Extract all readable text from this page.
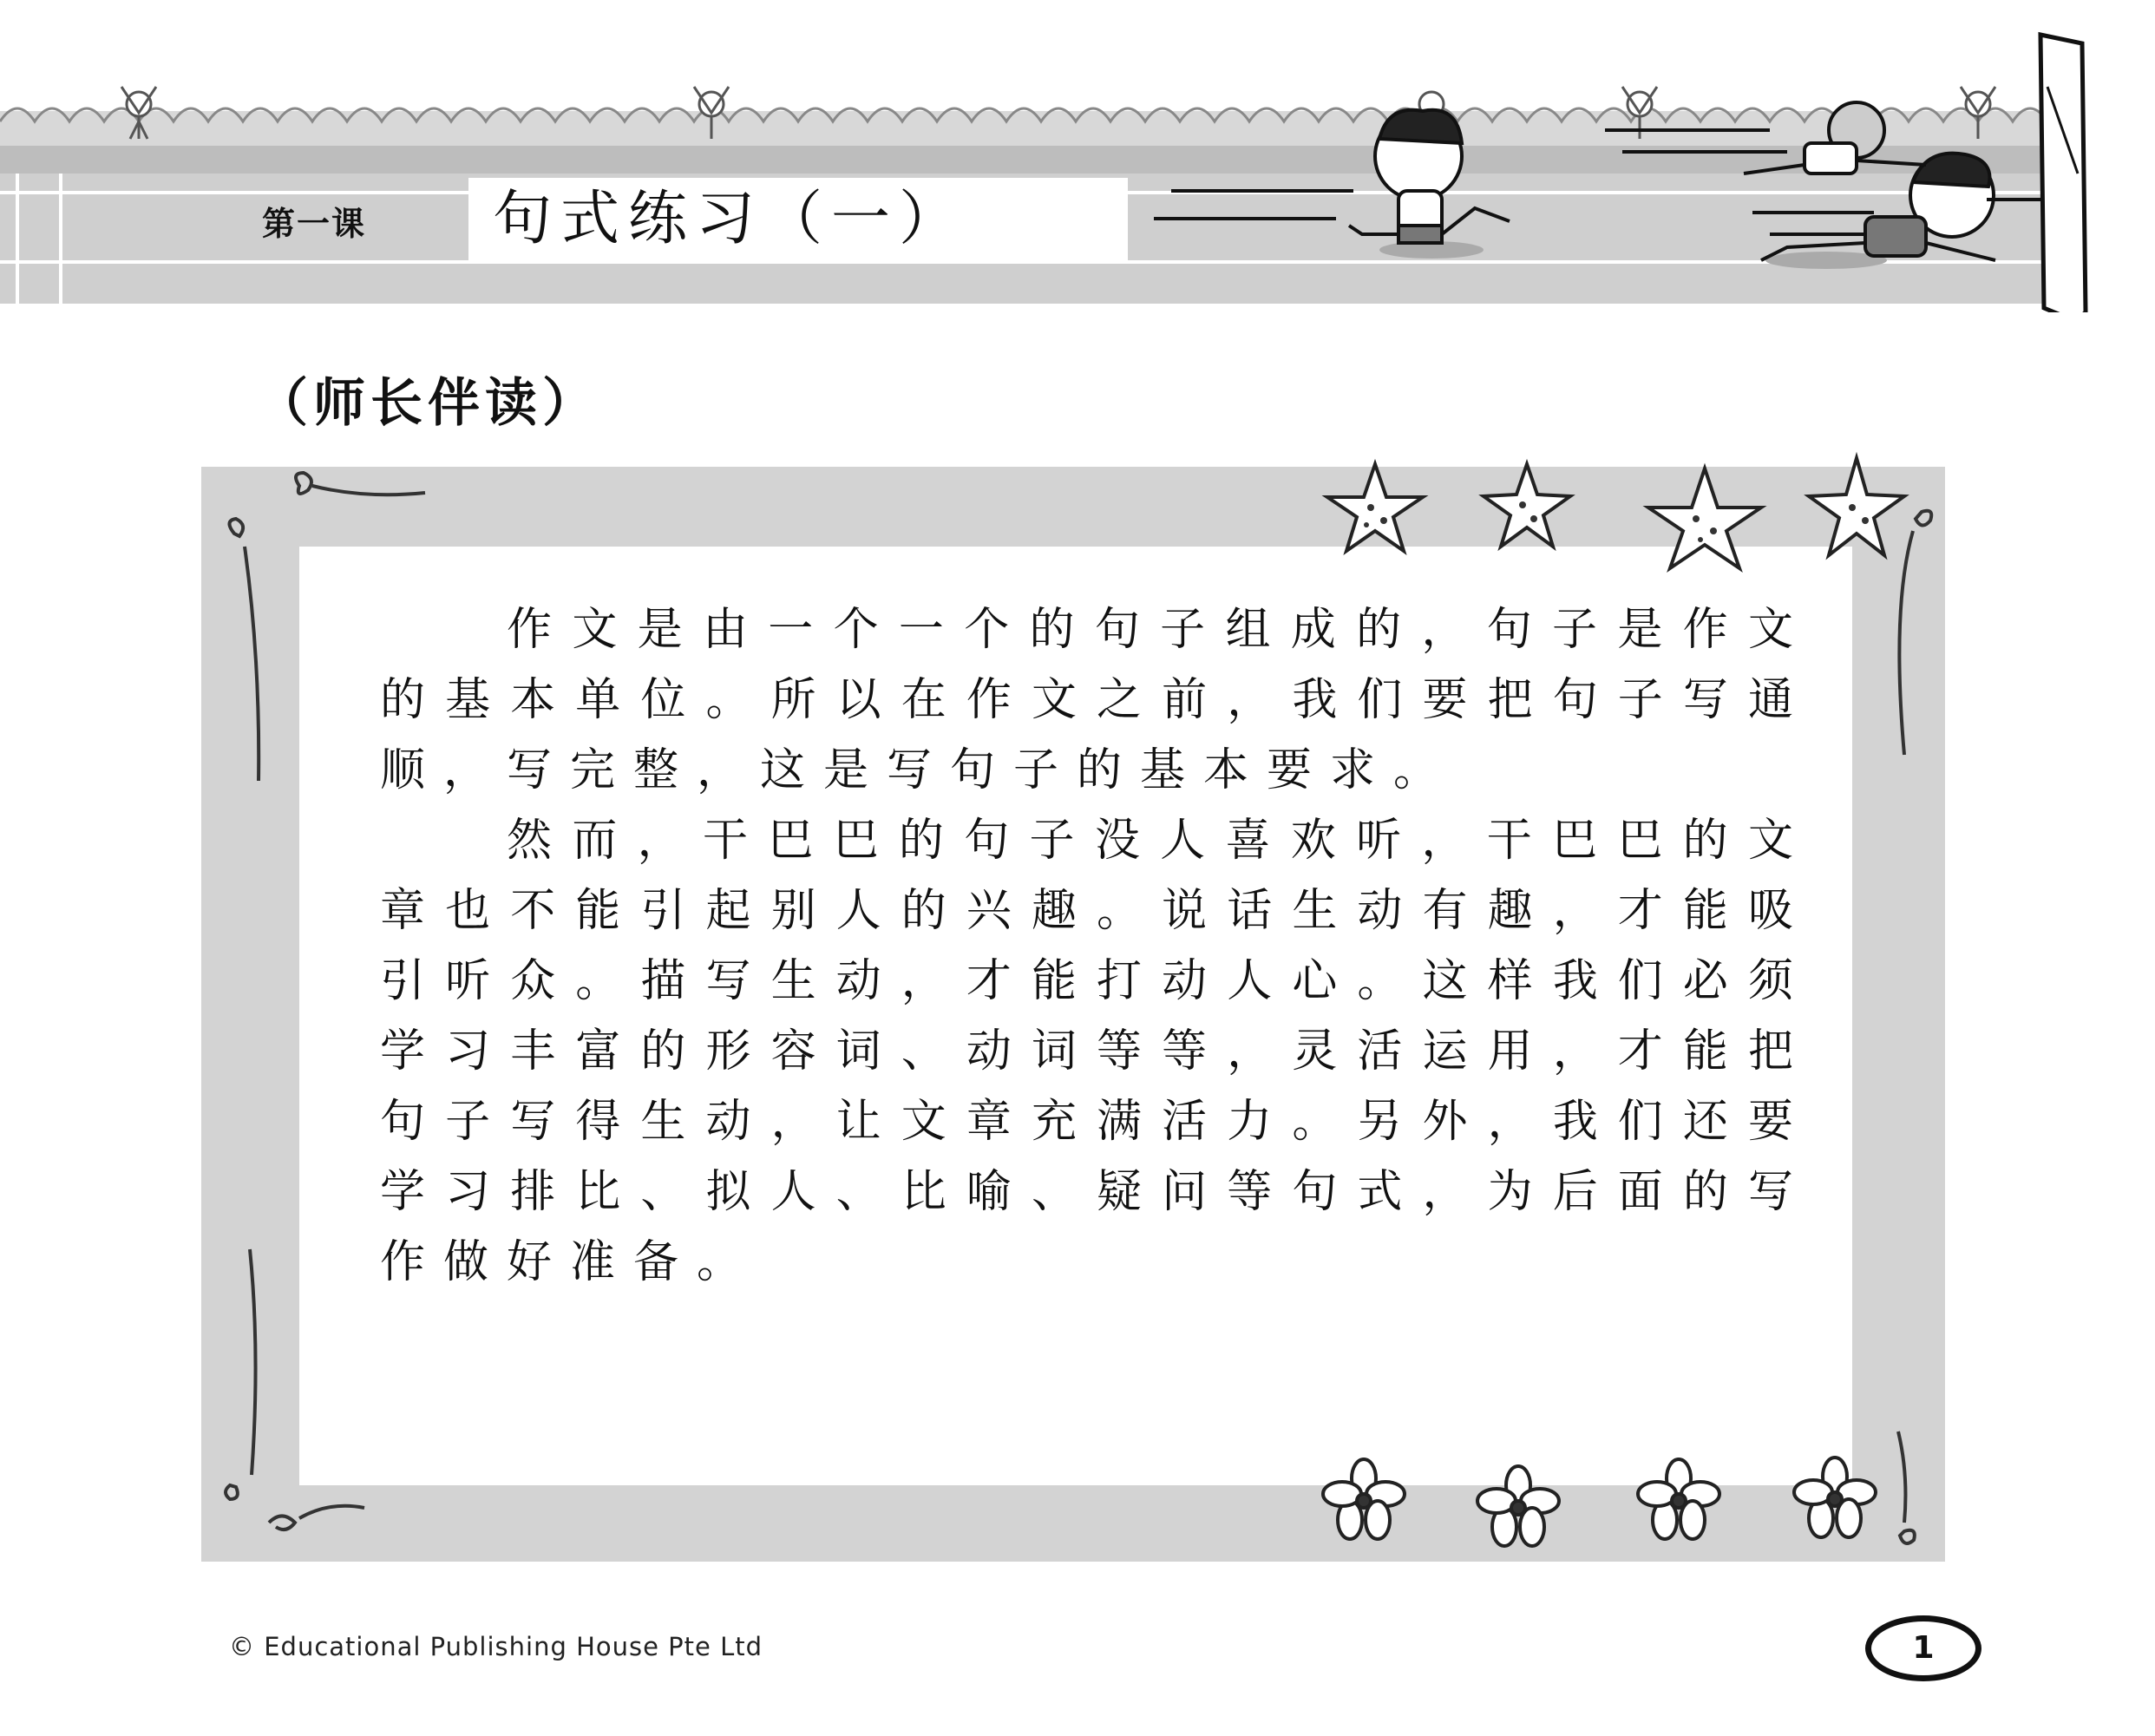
第一课	句式练习（一）
（师长伴读）

作文是由一个一个的句子组成的，句子是作文的基本单位。所以在作文之前，我们要把句子写通顺，写完整，这是写句子的基本要求。

然而，干巴巴的句子没人喜欢听，干巴巴的文章也不能引起别人的兴趣。说话生动有趣，才能吸引听众。描写生动，才能打动人心。这样我们必须学习丰富的形容词、动词等等，灵活运用，才能把句子写得生动，让文章充满活力。另外，我们还要学习排比、拟人、比喻、疑问等句式，为后面的写作做好准备。

© Educational Publishing House Pte Ltd	1
